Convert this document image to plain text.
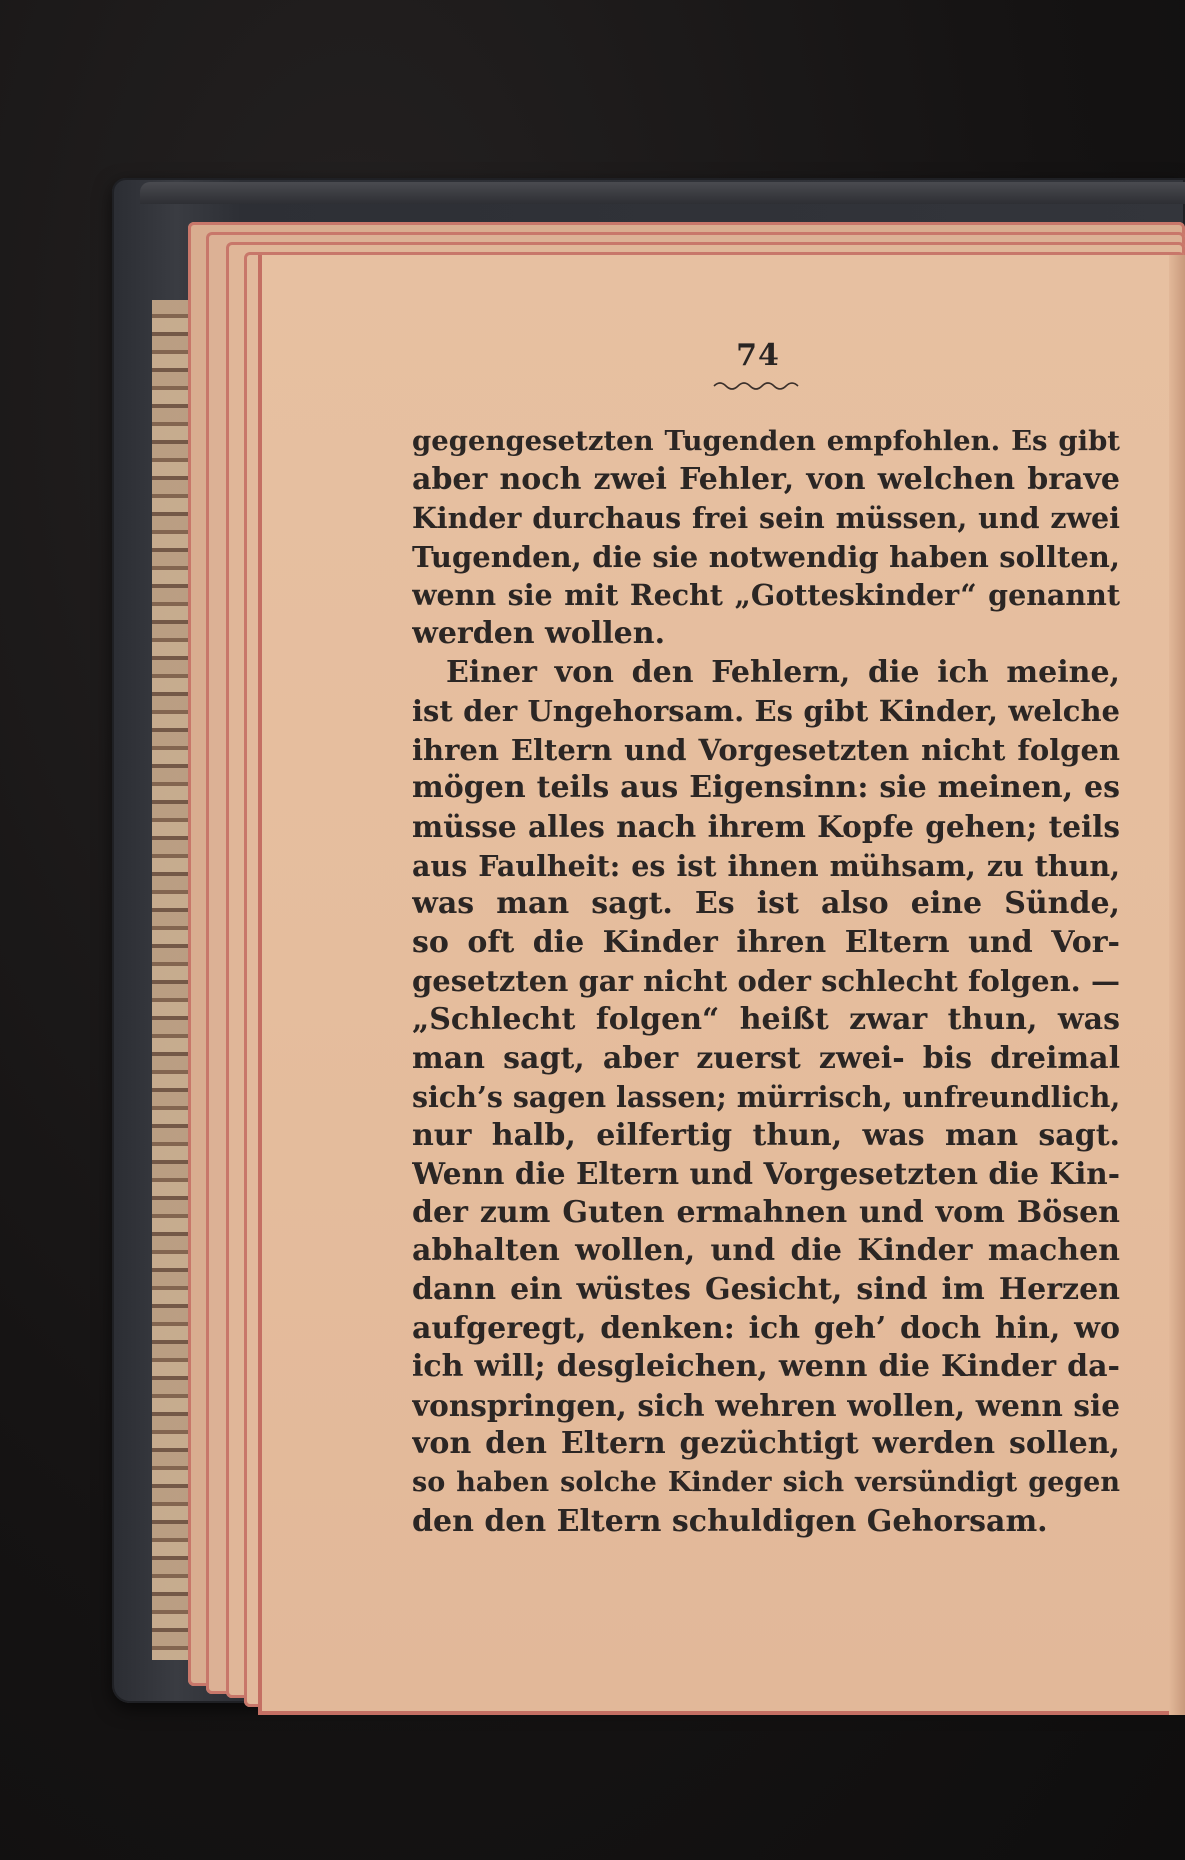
74
gegengesetzten Tugenden empfohlen. Es gibt
aber noch zwei Fehler, von welchen brave
Kinder durchaus frei sein müssen, und zwei
Tugenden, die sie notwendig haben sollten,
wenn sie mit Recht „Gotteskinder“ genannt
werden wollen.
Einer von den Fehlern, die ich meine,
ist der Ungehorsam. Es gibt Kinder, welche
ihren Eltern und Vorgesetzten nicht folgen
mögen teils aus Eigensinn: sie meinen, es
müsse alles nach ihrem Kopfe gehen; teils
aus Faulheit: es ist ihnen mühsam, zu thun,
was man sagt. Es ist also eine Sünde,
so oft die Kinder ihren Eltern und Vor-
gesetzten gar nicht oder schlecht folgen. —
„Schlecht folgen“ heißt zwar thun, was
man sagt, aber zuerst zwei- bis dreimal
sich’s sagen lassen; mürrisch, unfreundlich,
nur halb, eilfertig thun, was man sagt.
Wenn die Eltern und Vorgesetzten die Kin-
der zum Guten ermahnen und vom Bösen
abhalten wollen, und die Kinder machen
dann ein wüstes Gesicht, sind im Herzen
aufgeregt, denken: ich geh’ doch hin, wo
ich will; desgleichen, wenn die Kinder da-
vonspringen, sich wehren wollen, wenn sie
von den Eltern gezüchtigt werden sollen,
so haben solche Kinder sich versündigt gegen
den den Eltern schuldigen Gehorsam.
